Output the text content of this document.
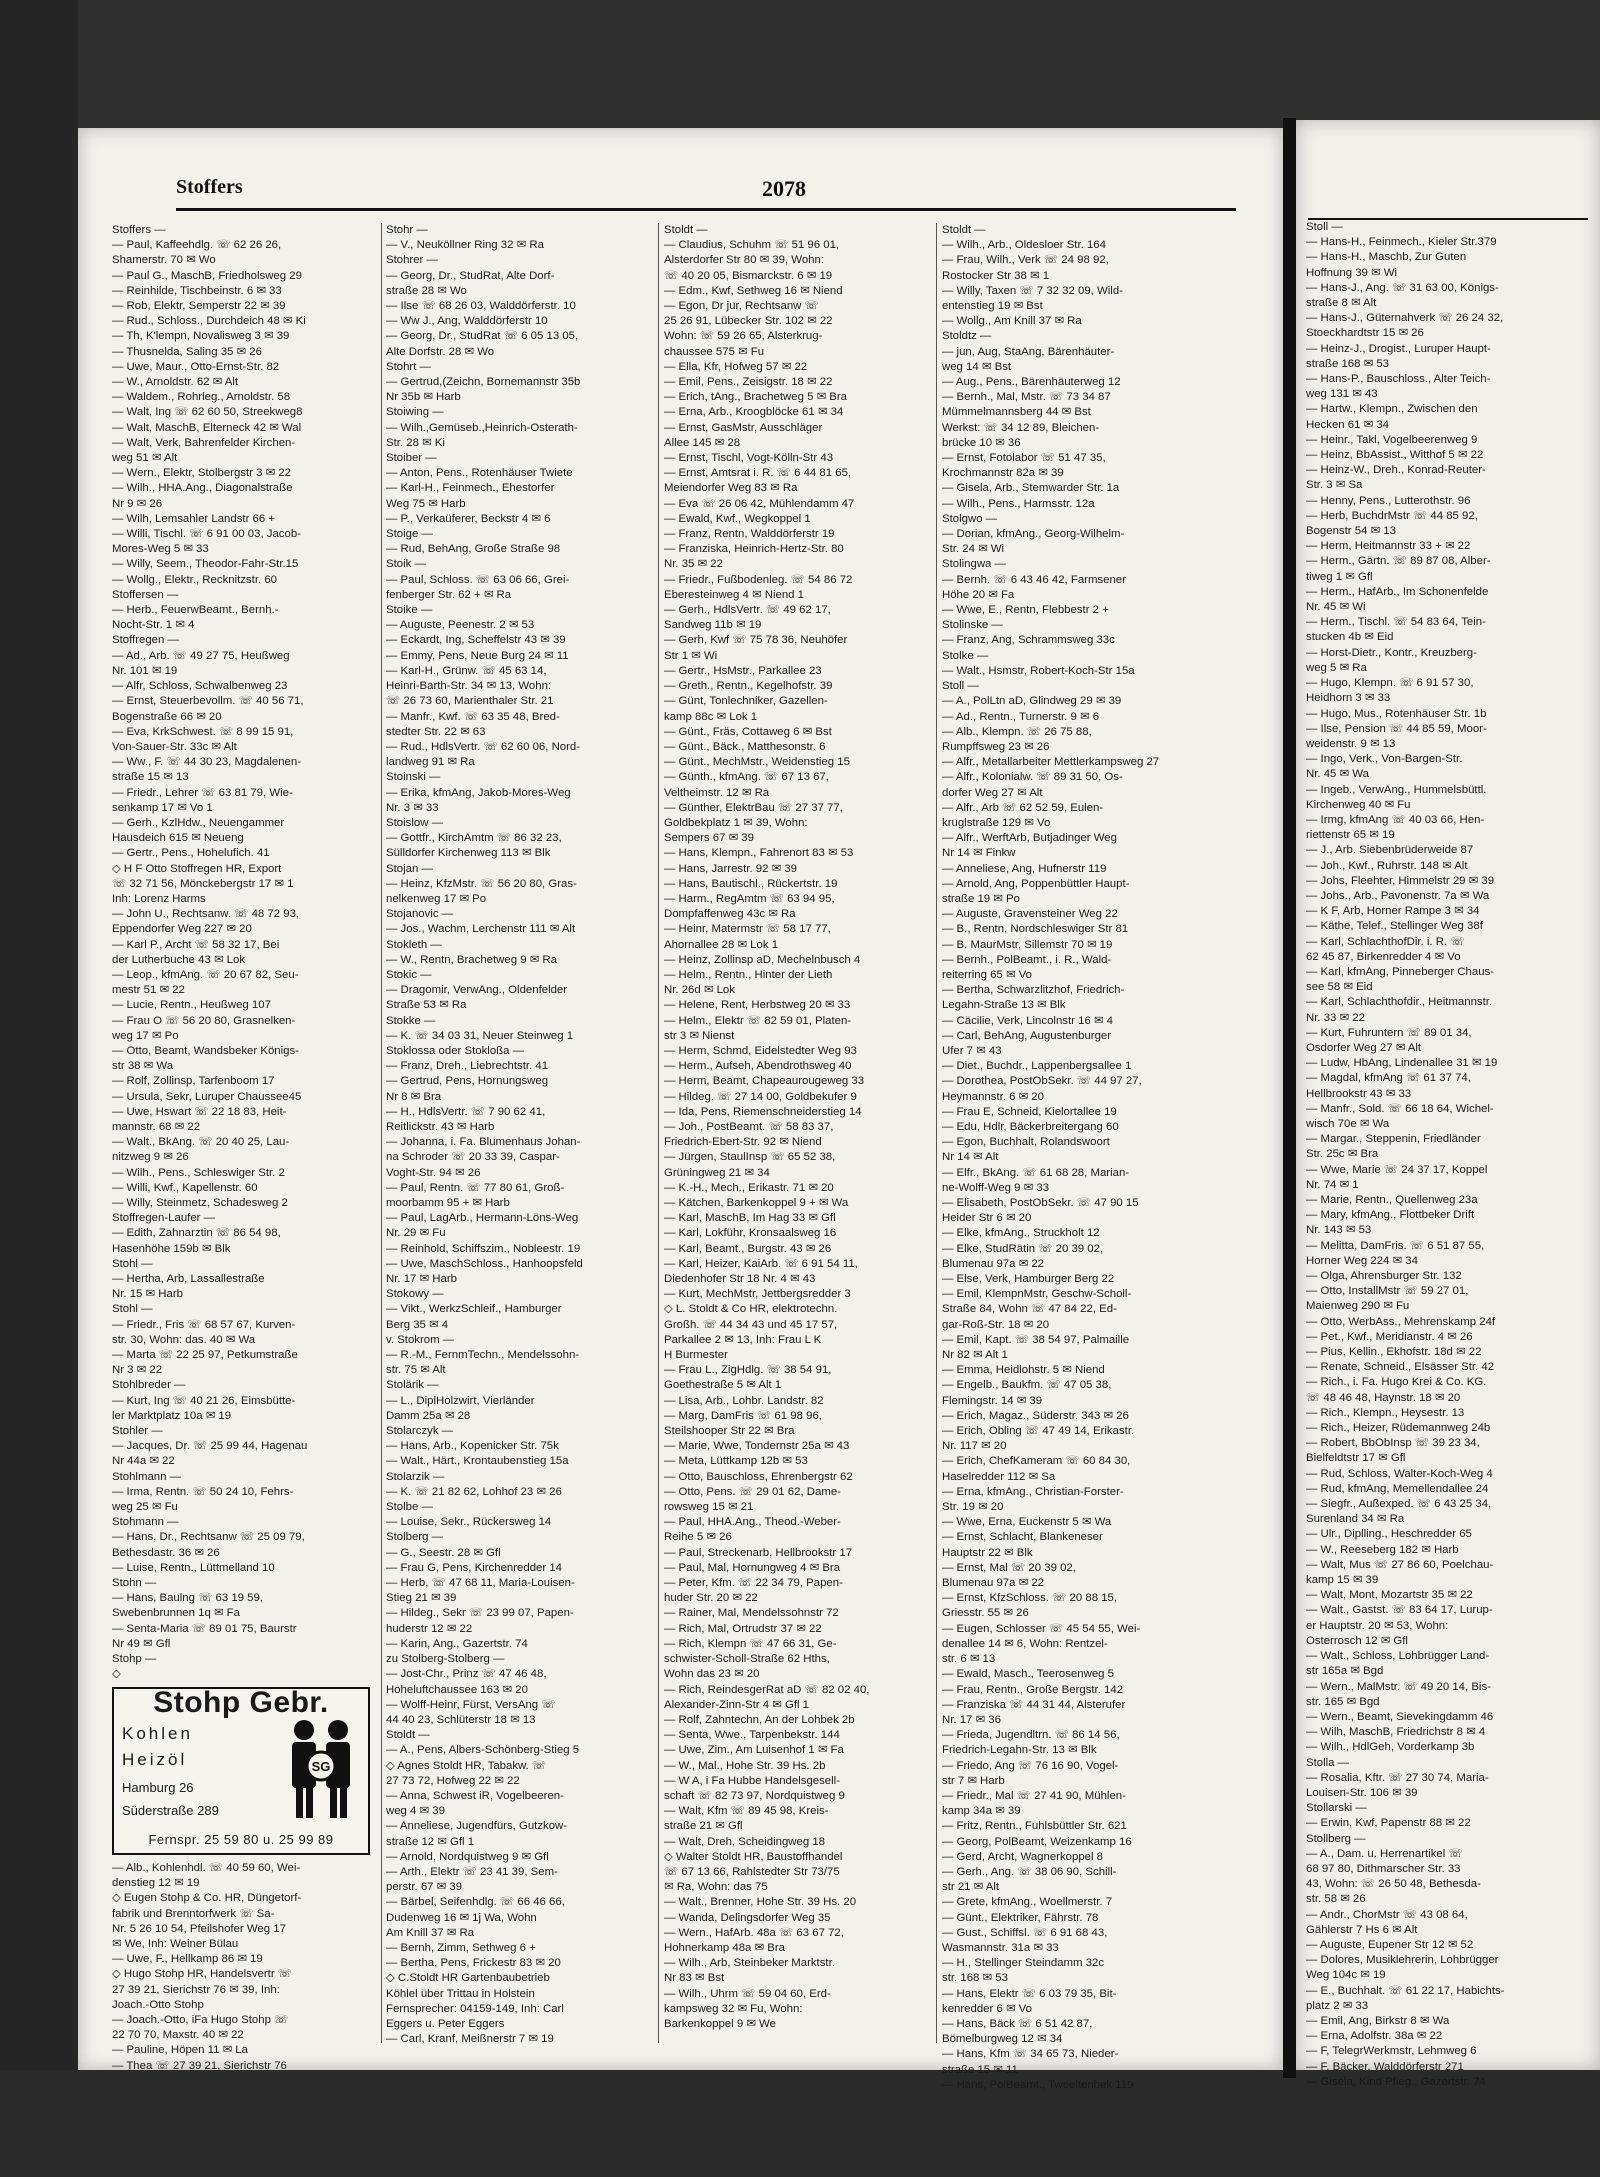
Stoffers	2078
Stoffers —
— Paul, Kaffeehdlg. ☏ 62 26 26,
Shamerstr. 70 ✉ Wo
— Paul G., MaschB, Friedholsweg 29
— Reinhilde, Tischbeinstr. 6 ✉ 33
— Rob, Elektr, Semperstr 22 ✉ 39
— Rud., Schloss., Durchdeich 48 ✉ Ki
— Th, K'lempn, Novalisweg 3 ✉ 39
— Thusnelda, Saling 35 ✉ 26
— Uwe, Maur., Otto-Ernst-Str. 82
— W., Arnoldstr. 62 ✉ Alt
— Waldem., Rohrleg., Arnoldstr. 58
— Walt, Ing ☏ 62 60 50, Streekweg8
— Walt, MaschB, Elterneck 42 ✉ Wal
— Walt, Verk, Bahrenfelder Kirchen-
weg 51 ✉ Alt
— Wern., Elektr, Stolbergstr 3 ✉ 22
— Wilh., HHA.Ang., Diagonalstraße
Nr 9 ✉ 26
— Wilh, Lemsahler Landstr 66 +
— Willi, Tischl. ☏ 6 91 00 03, Jacob-
Mores-Weg 5 ✉ 33
— Willy, Seem., Theodor-Fahr-Str.15
— Wollg., Elektr., Recknitzstr. 60
Stoffersen —
— Herb., FeuerwBeamt., Bernh.-
Nocht-Str. 1 ✉ 4
Stoffregen —
— Ad., Arb. ☏ 49 27 75, Heußweg
Nr. 101 ✉ 19
— Alfr, Schloss, Schwalbenweg 23
— Ernst, Steuerbevollm. ☏ 40 56 71,
Bogenstraße 66 ✉ 20
— Eva, KrkSchwest. ☏ 8 99 15 91,
Von-Sauer-Str. 33c ✉ Alt
— Ww., F. ☏ 44 30 23, Magdalenen-
straße 15 ✉ 13
— Friedr., Lehrer ☏ 63 81 79, Wie-
senkamp 17 ✉ Vo 1
— Gerh., KzlHdw., Neuengammer
Hausdeich 615 ✉ Neueng
— Gertr., Pens., Hohelufich. 41
◇ H F Otto Stoffregen HR, Export
☏ 32 71 56, Mönckebergstr 17 ✉ 1
Inh: Lorenz Harms
— John U., Rechtsanw. ☏ 48 72 93,
Eppendorfer Weg 227 ✉ 20
— Karl P., Archt ☏ 58 32 17, Bei
der Lutherbuche 43 ✉ Lok
— Leop., kfmAng. ☏ 20 67 82, Seu-
mestr 51 ✉ 22
— Lucie, Rentn., Heußweg 107
— Frau O ☏ 56 20 80, Grasnelken-
weg 17 ✉ Po
— Otto, Beamt, Wandsbeker Königs-
str 38 ✉ Wa
— Rolf, Zollinsp, Tarfenboom 17
— Ursula, Sekr, Luruper Chaussee45
— Uwe, Hswart ☏ 22 18 83, Heit-
mannstr. 68 ✉ 22
— Walt., BkAng. ☏ 20 40 25, Lau-
nitzweg 9 ✉ 26
— Wilh., Pens., Schleswiger Str. 2
— Willi, Kwf., Kapellenstr. 60
— Willy, Steinmetz, Schadesweg 2
Stoffregen-Laufer —
— Edith, Zahnarztin ☏ 86 54 98,
Hasenhöhe 159b ✉ Blk
Stohl —
— Hertha, Arb, Lassallestraße
Nr. 15 ✉ Harb
Stohl —
— Friedr., Fris ☏ 68 57 67, Kurven-
str. 30, Wohn: das. 40 ✉ Wa
— Marta ☏ 22 25 97, Petkumstraße
Nr 3 ✉ 22
Stohlbreder —
— Kurt, Ing ☏ 40 21 26, Eimsbütte-
ler Marktplatz 10a ✉ 19
Stohler —
— Jacques, Dr. ☏ 25 99 44, Hagenau
Nr 44a ✉ 22
Stohlmann —
— Irma, Rentn. ☏ 50 24 10, Fehrs-
weg 25 ✉ Fu
Stohmann —
— Hans, Dr., Rechtsanw ☏ 25 09 79,
Bethesdastr. 36 ✉ 26
— Luise, Rentn., Lüttmelland 10
Stohn —
— Hans, Baulng ☏ 63 19 59,
Swebenbrunnen 1q ✉ Fa
— Senta-Maria ☏ 89 01 75, Baurstr
Nr 49 ✉ Gfl
Stohp —
◇
Stohp Gebr.
Kohlen
Heizöl
Hamburg 26
Süderstraße 289
SG
Fernspr. 25 59 80 u. 25 99 89
— Alb., Kohlenhdl. ☏ 40 59 60, Wei-
denstieg 12 ✉ 19
◇ Eugen Stohp & Co. HR, Düngetorf-
fabrik und Brenntorfwerk ☏ Sa-
Nr. 5 26 10 54, Pfeilshofer Weg 17
✉ We, Inh: Weiner Bülau
— Uwe, F., Hellkamp 86 ✉ 19
◇ Hugo Stohp HR, Handelsvertr ☏
27 39 21, Sierichstr 76 ✉ 39, Inh:
Joach.-Otto Stohp
— Joach.-Otto, iFa Hugo Stohp ☏
22 70 70, Maxstr. 40 ✉ 22
— Pauline, Höpen 11 ✉ La
— Thea ☏ 27 39 21, Sierichstr 76
Stohr —
— V., Neuköllner Ring 32 ✉ Ra
Stohrer —
— Georg, Dr., StudRat, Alte Dorf-
straße 28 ✉ Wo
— Ilse ☏ 68 26 03, Walddörferstr. 10
— Ww J., Ang, Walddörferstr 10
— Georg, Dr., StudRat ☏ 6 05 13 05,
Alte Dorfstr. 28 ✉ Wo
Stohrt —
— Gertrud,(Zeichn, Bornemannstr 35b
Nr 35b ✉ Harb
Stoiwing —
— Wilh.,Gemüseb.,Heinrich-Osterath-
Str. 28 ✉ Ki
Stoiber —
— Anton, Pens., Rotenhäuser Twiete
— Karl-H., Feinmech., Ehestorfer
Weg 75 ✉ Harb
— P., Verkaüferer, Beckstr 4 ✉ 6
Stoige —
— Rud, BehAng, Große Straße 98
Stoik —
— Paul, Schloss. ☏ 63 06 66, Grei-
fenberger Str. 62 + ✉ Ra
Stoike —
— Auguste, Peenestr. 2 ✉ 53
— Eckardt, Ing, Scheffelstr 43 ✉ 39
— Emmy, Pens, Neue Burg 24 ✉ 11
— Karl-H., Grünw. ☏ 45 63 14,
Heinri-Barth-Str. 34 ✉ 13, Wohn:
☏ 26 73 60, Marienthaler Str. 21
— Manfr., Kwf. ☏ 63 35 48, Bred-
stedter Str. 22 ✉ 63
— Rud., HdlsVertr. ☏ 62 60 06, Nord-
landweg 91 ✉ Ra
Stoinski —
— Erika, kfmAng, Jakob-Mores-Weg
Nr. 3 ✉ 33
Stoislow —
— Gottfr., KirchAmtm ☏ 86 32 23,
Sülldorfer Kirchenweg 113 ✉ Blk
Stojan —
— Heinz, KfzMstr. ☏ 56 20 80, Gras-
nelkenweg 17 ✉ Po
Stojanovic —
— Jos., Wachm, Lerchenstr 111 ✉ Alt
Stokleth —
— W., Rentn, Brachetweg 9 ✉ Ra
Stokic —
— Dragomir, VerwAng., Oldenfelder
Straße 53 ✉ Ra
Stokke —
— K. ☏ 34 03 31, Neuer Steinweg 1
Stoklossa oder Stokloßa —
— Franz, Dreh., Liebrechtstr. 41
— Gertrud, Pens, Hornungsweg
Nr 8 ✉ Bra
— H., HdlsVertr. ☏ 7 90 62 41,
Reitlickstr. 43 ✉ Harb
— Johanna, i. Fa. Blumenhaus Johan-
na Schroder ☏ 20 33 39, Caspar-
Voght-Str. 94 ✉ 26
— Paul, Rentn. ☏ 77 80 61, Groß-
moorbamm 95 + ✉ Harb
— Paul, LagArb., Hermann-Löns-Weg
Nr. 29 ✉ Fu
— Reinhold, Schiffszim., Nobleestr. 19
— Uwe, MaschSchloss., Hanhoopsfeld
Nr. 17 ✉ Harb
Stokowy —
— Vikt., WerkzSchleif., Hamburger
Berg 35 ✉ 4
v. Stokrom —
— R.-M., FernmTechn., Mendelssohn-
str. 75 ✉ Alt
Stolärik —
— L., DiplHolzwirt, Vierländer
Damm 25a ✉ 28
Stolarczyk —
— Hans, Arb., Kopenicker Str. 75k
— Walt., Härt., Krontaubenstieg 15a
Stolarzik —
— K. ☏ 21 82 62, Lohhof 23 ✉ 26
Stolbe —
— Louise, Sekr., Rückersweg 14
Stolberg —
— G., Seestr. 28 ✉ Gfl
— Frau G, Pens, Kirchenredder 14
— Herb, ☏ 47 68 11, Maria-Louisen-
Stieg 21 ✉ 39
— Hildeg., Sekr ☏ 23 99 07, Papen-
huderstr 12 ✉ 22
— Karin, Ang., Gazertstr. 74
zu Stolberg-Stolberg —
— Jost-Chr., Prinz ☏ 47 46 48,
Hoheluftchaussee 163 ✉ 20
— Wolff-Heinr, Fürst, VersAng ☏
44 40 23, Schlüterstr 18 ✉ 13
Stoldt —
— A., Pens, Albers-Schönberg-Stieg 5
◇ Agnes Stoldt HR, Tabakw. ☏
27 73 72, Hofweg 22 ✉ 22
— Anna, Schwest iR, Vogelbeeren-
weg 4 ✉ 39
— Anneliese, Jugendfürs, Gutzkow-
straße 12 ✉ Gfl 1
— Arnold, Nordquistweg 9 ✉ Gfl
— Arth., Elektr ☏ 23 41 39, Sem-
perstr. 67 ✉ 39
— Bärbel, Seifenhdlg. ☏ 66 46 66,
Dudenweg 16 ✉ 1j Wa, Wohn
Am Knill 37 ✉ Ra
— Bernh, Zimm, Sethweg 6 +
— Bertha, Pens, Frickestr 83 ✉ 20
◇ C.Stoldt HR Gartenbaubetrieb
Köhlel über Trittau in Holstein
Fernsprecher: 04159-149, Inh: Carl
Eggers u. Peter Eggers
— Carl, Kranf, Meißnerstr 7 ✉ 19
Stoldt —
— Claudius, Schuhm ☏ 51 96 01,
Alsterdorfer Str 80 ✉ 39, Wohn:
☏ 40 20 05, Bismarckstr. 6 ✉ 19
— Edm., Kwf, Sethweg 16 ✉ Niend
— Egon, Dr jur, Rechtsanw ☏
25 26 91, Lübecker Str. 102 ✉ 22
Wohn: ☏ 59 26 65, Alsterkrug-
chaussee 575 ✉ Fu
— Ella, Kfr, Hofweg 57 ✉ 22
— Emil, Pens., Zeisigstr. 18 ✉ 22
— Erich, tAng., Brachetweg 5 ✉ Bra
— Erna, Arb., Kroogblöcke 61 ✉ 34
— Ernst, GasMstr, Ausschläger
Allee 145 ✉ 28
— Ernst, Tischl, Vogt-Kölln-Str 43
— Ernst, Amtsrat i. R. ☏ 6 44 81 65,
Meiendorfer Weg 83 ✉ Ra
— Eva ☏ 26 06 42, Mühlendamm 47
— Ewald, Kwf., Wegkoppel 1
— Franz, Rentn, Walddörferstr 19
— Franziska, Heinrich-Hertz-Str. 80
Nr. 35 ✉ 22
— Friedr., Fußbodenleg. ☏ 54 86 72
Eberesteinweg 4 ✉ Niend 1
— Gerh., HdlsVertr. ☏ 49 62 17,
Sandweg 11b ✉ 19
— Gerh, Kwf ☏ 75 78 36, Neuhöfer
Str 1 ✉ Wi
— Gertr., HsMstr., Parkallee 23
— Greth., Rentn., Kegelhofstr. 39
— Günt, Tonlechniker, Gazellen-
kamp 88c ✉ Lok 1
— Günt., Fräs, Cottaweg 6 ✉ Bst
— Günt., Bäck., Matthesonstr. 6
— Günt., MechMstr., Weidenstieg 15
— Günth., kfmAng. ☏ 67 13 67,
Veltheimstr. 12 ✉ Ra
— Günther, ElektrBau ☏ 27 37 77,
Goldbekplatz 1 ✉ 39, Wohn:
Sempers 67 ✉ 39
— Hans, Klempn., Fahrenort 83 ✉ 53
— Hans, Jarrestr. 92 ✉ 39
— Hans, Bautischl., Rückertstr. 19
— Harm., RegAmtm ☏ 63 94 95,
Dompfaffenweg 43c ✉ Ra
— Heinr, Matermstr ☏ 58 17 77,
Ahornallee 28 ✉ Lok 1
— Heinz, Zollinsp aD, Mechelnbusch 4
— Helm., Rentn., Hinter der Lieth
Nr. 26d ✉ Lok
— Helene, Rent, Herbstweg 20 ✉ 33
— Helm., Elektr ☏ 82 59 01, Platen-
str 3 ✉ Nienst
— Herm, Schmd, Eidelstedter Weg 93
— Herm., Aufseh, Abendrothsweg 40
— Herm, Beamt, Chapeaurougeweg 33
— Hildeg. ☏ 27 14 00, Goldbekufer 9
— Ida, Pens, Riemenschneiderstieg 14
— Joh., PostBeamt. ☏ 58 83 37,
Friedrich-Ebert-Str. 92 ✉ Niend
— Jürgen, StaulInsp ☏ 65 52 38,
Grüningweg 21 ✉ 34
— K.-H., Mech., Erikastr. 71 ✉ 20
— Kätchen, Barkenkoppel 9 + ✉ Wa
— Karl, MaschB, Im Hag 33 ✉ Gfl
— Karl, Lokführ, Kronsaalsweg 16
— Karl, Beamt., Burgstr. 43 ✉ 26
— Karl, Heizer, KaiArb. ☏ 6 91 54 11,
Diedenhofer Str 18 Nr. 4 ✉ 43
— Kurt, MechMstr, Jettbergsredder 3
◇ L. Stoldt & Co HR, elektrotechn.
Großh. ☏ 44 34 43 und 45 17 57,
Parkallee 2 ✉ 13, Inh: Frau L K
H Burmester
— Frau L., ZigHdlg. ☏ 38 54 91,
Goethestraße 5 ✉ Alt 1
— Lisa, Arb., Lohbr. Landstr. 82
— Marg, DamFris ☏ 61 98 96,
Steilshooper Str 22 ✉ Bra
— Marie, Wwe, Tondernstr 25a ✉ 43
— Meta, Lüttkamp 12b ✉ 53
— Otto, Bauschloss, Ehrenbergstr 62
— Otto, Pens. ☏ 29 01 62, Dame-
rowsweg 15 ✉ 21
— Paul, HHA.Ang., Theod.-Weber-
Reihe 5 ✉ 26
— Paul, Streckenarb, Hellbrookstr 17
— Paul, Mal, Hornungweg 4 ✉ Bra
— Peter, Kfm. ☏ 22 34 79, Papen-
huder Str. 20 ✉ 22
— Rainer, Mal, Mendelssohnstr 72
— Rich, Mal, Ortrudstr 37 ✉ 22
— Rich, Klempn ☏ 47 66 31, Ge-
schwister-Scholl-Straße 62 Hths,
Wohn das 23 ✉ 20
— Rich, ReindesgerRat aD ☏ 82 02 40,
Alexander-Zinn-Str 4 ✉ Gfl 1
— Rolf, Zahntechn, An der Lohbek 2b
— Senta, Wwe., Tarpenbekstr. 144
— Uwe, Zim., Am Luisenhof 1 ✉ Fa
— W., Mal., Hohe Str. 39 Hs. 2b
— W A, i Fa Hubbe Handelsgesell-
schaft ☏ 82 73 97, Nordquistweg 9
— Walt, Kfm ☏ 89 45 98, Kreis-
straße 21 ✉ Gfl
— Walt, Dreh, Scheidingweg 18
◇ Walter Stoldt HR, Baustoffhandel
☏ 67 13 66, Rahlstedter Str 73/75
✉ Ra, Wohn: das 75
— Walt., Brenner, Hohe Str. 39 Hs. 20
— Wanda, Delingsdorfer Weg 35
— Wern., HafArb. 48a ☏ 63 67 72,
Hohnerkamp 48a ✉ Bra
— Wilh., Arb, Steinbeker Marktstr.
Nr 83 ✉ Bst
— Wilh., Uhrm ☏ 59 04 60, Erd-
kampsweg 32 ✉ Fu, Wohn:
Barkenkoppel 9 ✉ We
Stoldt —
— Wilh., Arb., Oldesloer Str. 164
— Frau, Wilh., Verk ☏ 24 98 92,
Rostocker Str 38 ✉ 1
— Willy, Taxen ☏ 7 32 32 09, Wild-
entenstieg 19 ✉ Bst
— Wollg., Am Knill 37 ✉ Ra
Stoldtz —
— jun, Aug, StaAng, Bärenhäuter-
weg 14 ✉ Bst
— Aug., Pens., Bärenhäuterweg 12
— Bernh., Mal, Mstr. ☏ 73 34 87
Mümmelmannsberg 44 ✉ Bst
Werkst: ☏ 34 12 89, Bleichen-
brücke 10 ✉ 36
— Ernst, Fotolabor ☏ 51 47 35,
Krochmannstr 82a ✉ 39
— Gisela, Arb., Stemwarder Str. 1a
— Wilh., Pens., Harmsstr. 12a
Stolgwo —
— Dorian, kfmAng., Georg-Wilhelm-
Str. 24 ✉ Wi
Stolingwa —
— Bernh. ☏ 6 43 46 42, Farmsener
Höhe 20 ✉ Fa
— Wwe, E., Rentn, Flebbestr 2 +
Stolinske —
— Franz, Ang, Schrammsweg 33c
Stolke —
— Walt., Hsmstr, Robert-Koch-Str 15a
Stoll —
— A., PolLtn aD, Glindweg 29 ✉ 39
— Ad., Rentn., Turnerstr. 9 ✉ 6
— Alb., Klempn. ☏ 26 75 88,
Rumpffsweg 23 ✉ 26
— Alfr., Metallarbeiter Mettlerkampsweg 27
— Alfr., Kolonialw. ☏ 89 31 50, Os-
dorfer Weg 27 ✉ Alt
— Alfr., Arb ☏ 62 52 59, Eulen-
kruglstraße 129 ✉ Vo
— Alfr., WerftArb, Butjadinger Weg
Nr 14 ✉ Finkw
— Anneliese, Ang, Hufnerstr 119
— Arnold, Ang, Poppenbüttler Haupt-
straße 19 ✉ Po
— Auguste, Gravensteiner Weg 22
— B., Rentn, Nordschleswiger Str 81
— B. MaurMstr, Sillemstr 70 ✉ 19
— Bernh., PolBeamt., i. R., Wald-
reiterring 65 ✉ Vo
— Bertha, Schwarzlitzhof, Friedrich-
Legahn-Straße 13 ✉ Blk
— Cäcilie, Verk, Lincolnstr 16 ✉ 4
— Carl, BehAng, Augustenburger
Ufer 7 ✉ 43
— Diet., Buchdr., Lappenbergsallee 1
— Dorothea, PostObSekr. ☏ 44 97 27,
Heymannstr. 6 ✉ 20
— Frau E, Schneid, Kielortallee 19
— Edu, Hdlr, Bäckerbreitergang 60
— Egon, Buchhalt, Rolandswoort
Nr 14 ✉ Alt
— Elfr., BkAng. ☏ 61 68 28, Marian-
ne-Wolff-Weg 9 ✉ 33
— Elisabeth, PostObSekr. ☏ 47 90 15
Heider Str 6 ✉ 20
— Elke, kfmAng., Struckholt 12
— Elke, StudRätin ☏ 20 39 02,
Blumenau 97a ✉ 22
— Else, Verk, Hamburger Berg 22
— Emil, KlempnMstr, Geschw-Scholl-
Straße 84, Wohn ☏ 47 84 22, Ed-
gar-Roß-Str. 18 ✉ 20
— Emil, Kapt. ☏ 38 54 97, Palmaille
Nr 82 ✉ Alt 1
— Emma, Heidlohstr. 5 ✉ Niend
— Engelb., Baukfm. ☏ 47 05 38,
Flemingstr. 14 ✉ 39
— Erich, Magaz., Süderstr. 343 ✉ 26
— Erich, Obling ☏ 47 49 14, Erikastr.
Nr. 117 ✉ 20
— Erich, ChefKameram ☏ 60 84 30,
Haselredder 112 ✉ Sa
— Erna, kfmAng., Christian-Forster-
Str. 19 ✉ 20
— Wwe, Erna, Euckenstr 5 ✉ Wa
— Ernst, Schlacht, Blankeneser
Hauptstr 22 ✉ Blk
— Ernst, Mal ☏ 20 39 02,
Blumenau 97a ✉ 22
— Ernst, KfzSchloss. ☏ 20 88 15,
Griesstr. 55 ✉ 26
— Eugen, Schlosser ☏ 45 54 55, Wei-
denallee 14 ✉ 6, Wohn: Rentzel-
str. 6 ✉ 13
— Ewald, Masch., Teerosenweg 5
— Frau, Rentn., Große Bergstr. 142
— Franziska ☏ 44 31 44, Alsterufer
Nr. 17 ✉ 36
— Frieda, Jugendltrn. ☏ 86 14 56,
Friedrich-Legahn-Str. 13 ✉ Blk
— Friedo, Ang ☏ 76 16 90, Vogel-
str 7 ✉ Harb
— Friedr., Mal ☏ 27 41 90, Mühlen-
kamp 34a ✉ 39
— Fritz, Rentn., Fuhlsbüttler Str. 621
— Georg, PolBeamt, Weizenkamp 16
— Gerd, Archt, Wagnerkoppel 8
— Gerh., Ang. ☏ 38 06 90, Schill-
str 21 ✉ Alt
— Grete, kfmAng., Woellmerstr. 7
— Günt., Elektriker, Fährstr. 78
— Gust., Schiffsl. ☏ 6 91 68 43,
Wasmannstr. 31a ✉ 33
— H., Stellinger Steindamm 32c
str. 168 ✉ 53
— Hans, Elektr ☏ 6 03 79 35, Bit-
kenredder 6 ✉ Vo
— Hans, Bäck ☏ 6 51 42 87,
Bömelburgweg 12 ✉ 34
— Hans, Kfm ☏ 34 65 73, Nieder-
straße 15 ✉ 11
— Hans, PolBeamt., Tweeltenbek 119
Stoll —
— Hans-H., Feinmech., Kieler Str.379
— Hans-H., Maschb, Zur Guten
Hoffnung 39 ✉ Wi
— Hans-J., Ang. ☏ 31 63 00, Königs-
straße 8 ✉ Alt
— Hans-J., Güternahverk ☏ 26 24 32,
Stoeckhardtstr 15 ✉ 26
— Heinz-J., Drogist., Luruper Haupt-
straße 168 ✉ 53
— Hans-P., Bauschloss., Alter Teich-
weg 131 ✉ 43
— Hartw., Klempn., Zwischen den
Hecken 61 ✉ 34
— Heinr., Takl, Vogelbeerenweg 9
— Heinz, BbAssist., Witthof 5 ✉ 22
— Heinz-W., Dreh., Konrad-Reuter-
Str. 3 ✉ Sa
— Henny, Pens., Lutterothstr. 96
— Herb, BuchdrMstr ☏ 44 85 92,
Bogenstr 54 ✉ 13
— Herm, Heitmannstr 33 + ✉ 22
— Herm., Gärtn. ☏ 89 87 08, Alber-
tiweg 1 ✉ Gfl
— Herm., HafArb., Im Schonenfelde
Nr. 45 ✉ Wi
— Herm., Tischl. ☏ 54 83 64, Tein-
stucken 4b ✉ Eid
— Horst-Dietr., Kontr., Kreuzberg-
weg 5 ✉ Ra
— Hugo, Klempn. ☏ 6 91 57 30,
Heidhorn 3 ✉ 33
— Hugo, Mus., Rotenhäuser Str. 1b
— Ilse, Pension ☏ 44 85 59, Moor-
weidenstr. 9 ✉ 13
— Ingo, Verk., Von-Bargen-Str.
Nr. 45 ✉ Wa
— Ingeb., VerwAng., Hummelsbüttl.
Kirchenweg 40 ✉ Fu
— Irmg, kfmAng ☏ 40 03 66, Hen-
riettenstr 65 ✉ 19
— J., Arb. Siebenbrüderweide 87
— Joh., Kwf., Ruhrstr. 148 ✉ Alt
— Johs, Fleehter, Himmelstr 29 ✉ 39
— Johs., Arb., Pavonenstr. 7a ✉ Wa
— K F, Arb, Horner Rampe 3 ✉ 34
— Käthe, Telef., Stellinger Weg 38f
— Karl, SchlachthofDir. i. R. ☏
62 45 87, Birkenredder 4 ✉ Vo
— Karl, kfmAng, Pinneberger Chaus-
see 58 ✉ Eid
— Karl, Schlachthofdir., Heitmannstr.
Nr. 33 ✉ 22
— Kurt, Fuhruntern ☏ 89 01 34,
Osdorfer Weg 27 ✉ Alt
— Ludw, HbAng, Lindenallee 31 ✉ 19
— Magdal, kfmAng ☏ 61 37 74,
Hellbrookstr 43 ✉ 33
— Manfr., Sold. ☏ 66 18 64, Wichel-
wisch 70e ✉ Wa
— Margar., Steppenin, Friedländer
Str. 25c ✉ Bra
— Wwe, Marie ☏ 24 37 17, Koppel
Nr. 74 ✉ 1
— Marie, Rentn., Quellenweg 23a
— Mary, kfmAng., Flottbeker Drift
Nr. 143 ✉ 53
— Melitta, DamFris. ☏ 6 51 87 55,
Horner Weg 224 ✉ 34
— Olga, Ahrensburger Str. 132
— Otto, InstallMstr ☏ 59 27 01,
Maienweg 290 ✉ Fu
— Otto, WerbAss., Mehrenskamp 24f
— Pet., Kwf., Meridianstr. 4 ✉ 26
— Pius, Kellin., Ekhofstr. 18d ✉ 22
— Renate, Schneid., Elsässer Str. 42
— Rich., i. Fa. Hugo Krei & Co. KG.
☏ 48 46 48, Haynstr. 18 ✉ 20
— Rich., Klempn., Heysestr. 13
— Rich., Heizer, Rüdemannweg 24b
— Robert, BbObInsp ☏ 39 23 34,
Bielfeldtstr 17 ✉ Gfl
— Rud, Schloss, Walter-Koch-Weg 4
— Rud, kfmAng, Memellendallee 24
— Siegfr., Außexped. ☏ 6 43 25 34,
Surenland 34 ✉ Ra
— Ulr., Diplling., Heschredder 65
— W., Reeseberg 182 ✉ Harb
— Walt, Mus ☏ 27 86 60, Poelchau-
kamp 15 ✉ 39
— Walt, Mont, Mozartstr 35 ✉ 22
— Walt., Gastst. ☏ 83 64 17, Lurup-
er Hauptstr. 20 ✉ 53, Wohn:
Osterrosch 12 ✉ Gfl
— Walt., Schloss, Lohbrügger Land-
str 165a ✉ Bgd
— Wern., MalMstr. ☏ 49 20 14, Bis-
str. 165 ✉ Bgd
— Wern., Beamt, Sievekingdamm 46
— Wilh, MaschB, Friedrichstr 8 ✉ 4
— Wilh., HdlGeh, Vorderkamp 3b
Stolla —
— Rosalia, Kftr. ☏ 27 30 74, Maria-
Louisen-Str. 106 ✉ 39
Stollarski —
— Erwin, Kwf, Papenstr 88 ✉ 22
Stollberg —
— A., Dam. u. Herrenartikel ☏
68 97 80, Dithmarscher Str. 33
43, Wohn: ☏ 26 50 48, Bethesda-
str. 58 ✉ 26
— Andr., ChorMstr ☏ 43 08 64,
Gählerstr 7 Hs 6 ✉ Alt
— Auguste, Eupener Str 12 ✉ 52
— Dolores, Musiklehrerin, Lohbrügger
Weg 104c ✉ 19
— E., Buchhalt. ☏ 61 22 17, Habichts-
platz 2 ✉ 33
— Emil, Ang, Birkstr 8 ✉ Wa
— Erna, Adolfstr. 38a ✉ 22
— F, TelegrWerkmstr, Lehmweg 6
— F, Bäcker, Walddörferstr 271
— Gisela, Kind Pfleg., Gazertstr. 74
